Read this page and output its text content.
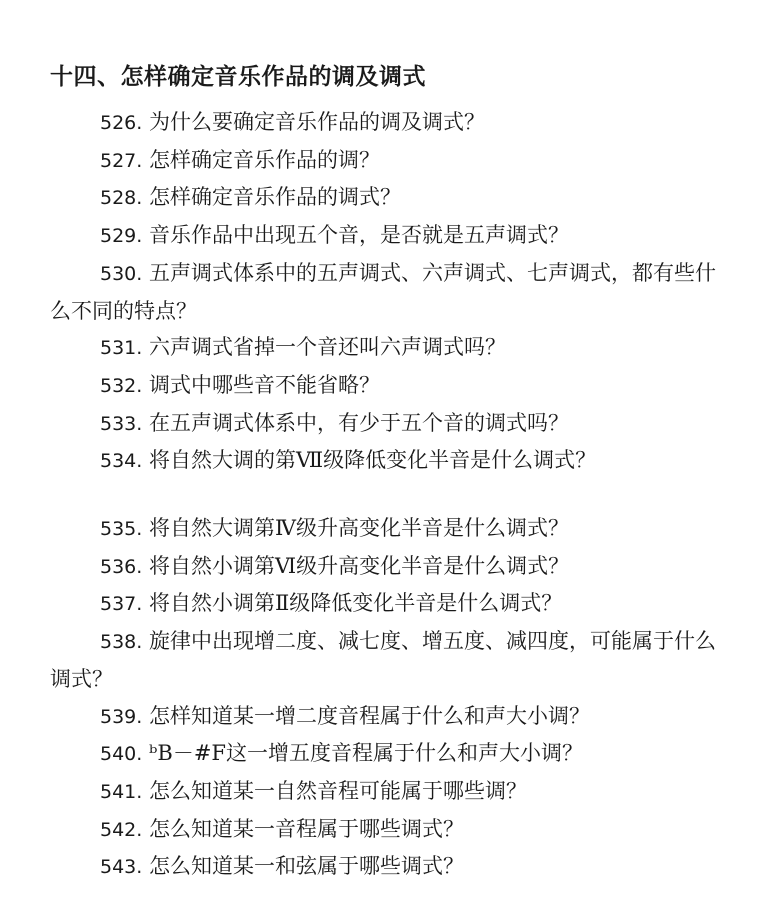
十四、怎样确定音乐作品的调及调式

526. 为什么要确定音乐作品的调及调式？

527. 怎样确定音乐作品的调？

528. 怎样确定音乐作品的调式？

529. 音乐作品中出现五个音，是否就是五声调式？

530. 五声调式体系中的五声调式、六声调式、七声调式，都有些什么不同的特点？

531. 六声调式省掉一个音还叫六声调式吗？

532. 调式中哪些音不能省略？

533. 在五声调式体系中，有少于五个音的调式吗？

534. 将自然大调的第Ⅶ级降低变化半音是什么调式？

535. 将自然大调第Ⅳ级升高变化半音是什么调式？

536. 将自然小调第Ⅵ级升高变化半音是什么调式？

537. 将自然小调第Ⅱ级降低变化半音是什么调式？

538. 旋律中出现增二度、减七度、增五度、减四度，可能属于什么调式？

539. 怎样知道某一增二度音程属于什么和声大小调？

540. ᵇB－#F这一增五度音程属于什么和声大小调？

541. 怎么知道某一自然音程可能属于哪些调？

542. 怎么知道某一音程属于哪些调式？

543. 怎么知道某一和弦属于哪些调式？
